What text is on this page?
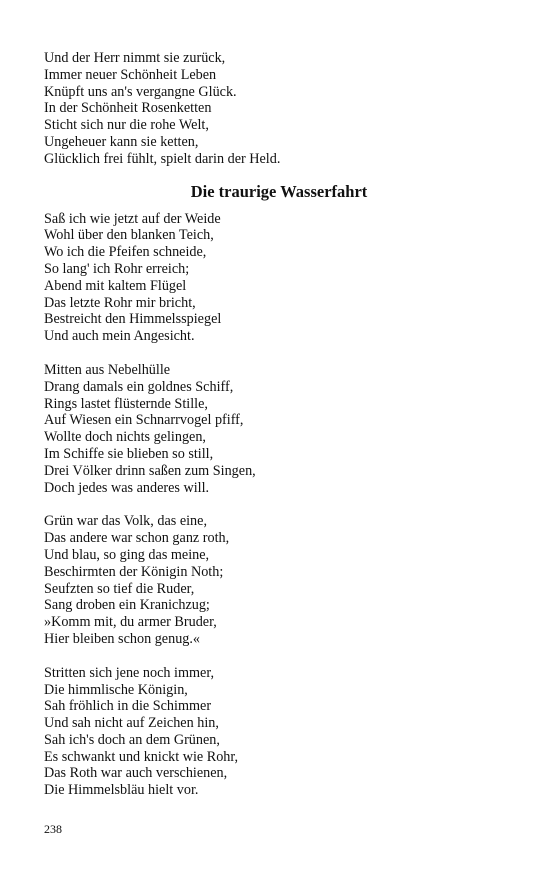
Und der Herr nimmt sie zurück,
Immer neuer Schönheit Leben
Knüpft uns an's vergangne Glück.
In der Schönheit Rosenketten
Sticht sich nur die rohe Welt,
Ungeheuer kann sie ketten,
Glücklich frei fühlt, spielt darin der Held.
Die traurige Wasserfahrt
Saß ich wie jetzt auf der Weide
Wohl über den blanken Teich,
Wo ich die Pfeifen schneide,
So lang' ich Rohr erreich;
Abend mit kaltem Flügel
Das letzte Rohr mir bricht,
Bestreicht den Himmelsspiegel
Und auch mein Angesicht.
Mitten aus Nebelhülle
Drang damals ein goldnes Schiff,
Rings lastet flüsternde Stille,
Auf Wiesen ein Schnarrvogel pfiff,
Wollte doch nichts gelingen,
Im Schiffe sie blieben so still,
Drei Völker drinn saßen zum Singen,
Doch jedes was anderes will.
Grün war das Volk, das eine,
Das andere war schon ganz roth,
Und blau, so ging das meine,
Beschirmten der Königin Noth;
Seufzten so tief die Ruder,
Sang droben ein Kranichzug;
»Komm mit, du armer Bruder,
Hier bleiben schon genug.«
Stritten sich jene noch immer,
Die himmlische Königin,
Sah fröhlich in die Schimmer
Und sah nicht auf Zeichen hin,
Sah ich's doch an dem Grünen,
Es schwankt und knickt wie Rohr,
Das Roth war auch verschienen,
Die Himmelsbläu hielt vor.
238
